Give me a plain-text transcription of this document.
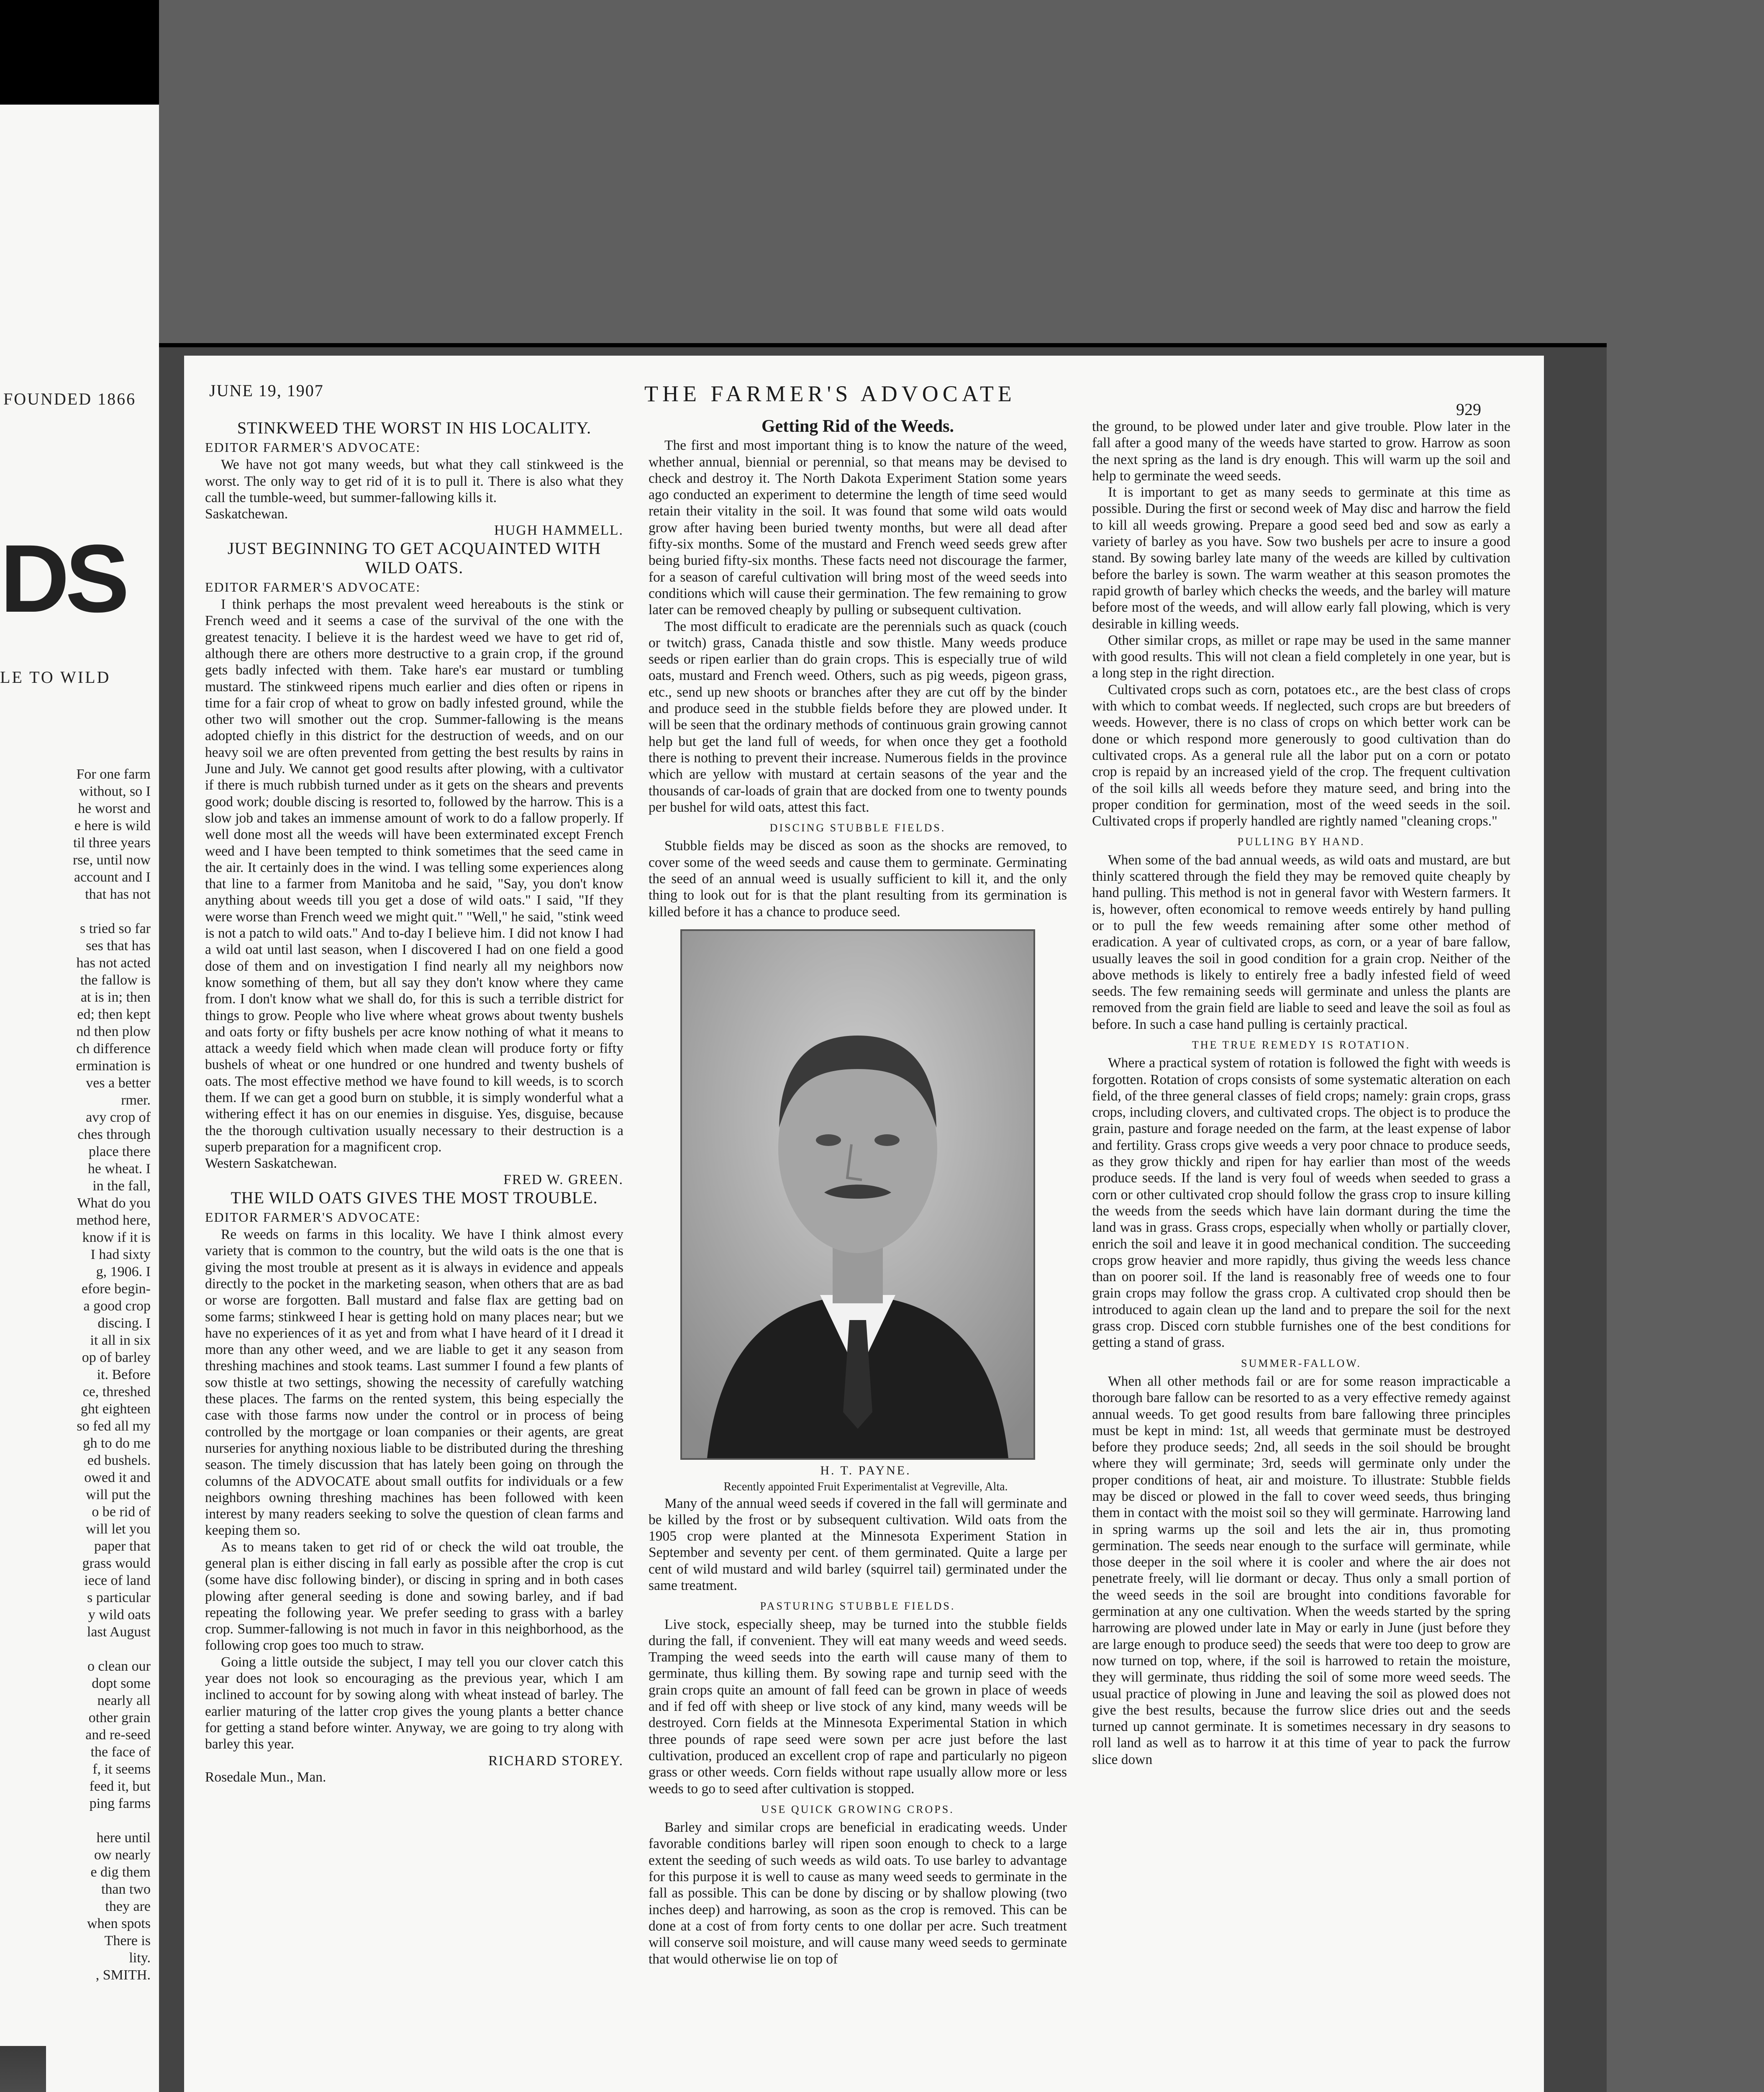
FOUNDED 1866
DS
LE TO WILD
For one farm
without, so I
he worst and
e here is wild
til three years
rse, until now
account and I
that has not

s tried so far
ses that has
has not acted
the fallow is
at is in; then
ed; then kept
nd then plow
ch difference
ermination is
ves a better
rmer.
avy crop of
ches through
place there
he wheat. I
in the fall,
What do you
method here,
know if it is
I had sixty
g, 1906. I
efore begin-
a good crop
discing. I
it all in six
op of barley
it. Before
ce, threshed
ght eighteen
so fed all my
gh to do me
ed bushels.
owed it and
will put the
o be rid of
will let you
paper that
grass would
iece of land
s particular
y wild oats
last August

o clean our
dopt some
nearly all
other grain
and re-seed
the face of
f, it seems
feed it, but
ping farms

here until
ow nearly
e dig them
than two
they are
when spots
There is
lity.
, SMITH.
JUNE 19, 1907	THE FARMER'S ADVOCATE
929
STINKWEED THE WORST IN HIS LOCALITY.

EDITOR FARMER'S ADVOCATE:

We have not got many weeds, but what they call stinkweed is the worst. The only way to get rid of it is to pull it. There is also what they call the tumble-weed, but summer-fallowing kills it.

Saskatchewan.

HUGH HAMMELL.

JUST BEGINNING TO GET ACQUAINTED WITH WILD OATS.

EDITOR FARMER'S ADVOCATE:

I think perhaps the most prevalent weed hereabouts is the stink or French weed and it seems a case of the survival of the one with the greatest tenacity. I believe it is the hardest weed we have to get rid of, although there are others more destructive to a grain crop, if the ground gets badly infected with them. Take hare's ear mustard or tumbling mustard. The stinkweed ripens much earlier and dies often or ripens in time for a fair crop of wheat to grow on badly infested ground, while the other two will smother out the crop. Summer-fallowing is the means adopted chiefly in this district for the destruction of weeds, and on our heavy soil we are often prevented from getting the best results by rains in June and July. We cannot get good results after plowing, with a cultivator if there is much rubbish turned under as it gets on the shears and prevents good work; double discing is resorted to, followed by the harrow. This is a slow job and takes an immense amount of work to do a fallow properly. If well done most all the weeds will have been exterminated except French weed and I have been tempted to think sometimes that the seed came in the air. It certainly does in the wind. I was telling some experiences along that line to a farmer from Manitoba and he said, "Say, you don't know anything about weeds till you get a dose of wild oats." I said, "If they were worse than French weed we might quit." "Well," he said, "stink weed is not a patch to wild oats." And to-day I believe him. I did not know I had a wild oat until last season, when I discovered I had on one field a good dose of them and on investigation I find nearly all my neighbors now know something of them, but all say they don't know where they came from. I don't know what we shall do, for this is such a terrible district for things to grow. People who live where wheat grows about twenty bushels and oats forty or fifty bushels per acre know nothing of what it means to attack a weedy field which when made clean will produce forty or fifty bushels of wheat or one hundred or one hundred and twenty bushels of oats. The most effective method we have found to kill weeds, is to scorch them. If we can get a good burn on stubble, it is simply wonderful what a withering effect it has on our enemies in disguise. Yes, disguise, because the the thorough cultivation usually necessary to their destruction is a superb preparation for a magnificent crop.

Western Saskatchewan.

FRED W. GREEN.

THE WILD OATS GIVES THE MOST TROUBLE.

EDITOR FARMER'S ADVOCATE:

Re weeds on farms in this locality. We have I think almost every variety that is common to the country, but the wild oats is the one that is giving the most trouble at present as it is always in evidence and appeals directly to the pocket in the marketing season, when others that are as bad or worse are forgotten. Ball mustard and false flax are getting bad on some farms; stinkweed I hear is getting hold on many places near; but we have no experiences of it as yet and from what I have heard of it I dread it more than any other weed, and we are liable to get it any season from threshing machines and stook teams. Last summer I found a few plants of sow thistle at two settings, showing the necessity of carefully watching these places. The farms on the rented system, this being especially the case with those farms now under the control or in process of being controlled by the mortgage or loan companies or their agents, are great nurseries for anything noxious liable to be distributed during the threshing season. The timely discussion that has lately been going on through the columns of the ADVOCATE about small outfits for individuals or a few neighbors owning threshing machines has been followed with keen interest by many readers seeking to solve the question of clean farms and keeping them so.

As to means taken to get rid of or check the wild oat trouble, the general plan is either discing in fall early as possible after the crop is cut (some have disc following binder), or discing in spring and in both cases plowing after general seeding is done and sowing barley, and if bad repeating the following year. We prefer seeding to grass with a barley crop. Summer-fallowing is not much in favor in this neighborhood, as the following crop goes too much to straw.

Going a little outside the subject, I may tell you our clover catch this year does not look so encouraging as the previous year, which I am inclined to account for by sowing along with wheat instead of barley. The earlier maturing of the latter crop gives the young plants a better chance for getting a stand before winter. Anyway, we are going to try along with barley this year.

RICHARD STOREY.

Rosedale Mun., Man.

Getting Rid of the Weeds.

The first and most important thing is to know the nature of the weed, whether annual, biennial or perennial, so that means may be devised to check and destroy it. The North Dakota Experiment Station some years ago conducted an experiment to determine the length of time seed would retain their vitality in the soil. It was found that some wild oats would grow after having been buried twenty months, but were all dead after fifty-six months. Some of the mustard and French weed seeds grew after being buried fifty-six months. These facts need not discourage the farmer, for a season of careful cultivation will bring most of the weed seeds into conditions which will cause their germination. The few remaining to grow later can be removed cheaply by pulling or subsequent cultivation.

The most difficult to eradicate are the perennials such as quack (couch or twitch) grass, Canada thistle and sow thistle. Many weeds produce seeds or ripen earlier than do grain crops. This is especially true of wild oats, mustard and French weed. Others, such as pig weeds, pigeon grass, etc., send up new shoots or branches after they are cut off by the binder and produce seed in the stubble fields before they are plowed under. It will be seen that the ordinary methods of continuous grain growing cannot help but get the land full of weeds, for when once they get a foothold there is nothing to prevent their increase. Numerous fields in the province which are yellow with mustard at certain seasons of the year and the thousands of car-loads of grain that are docked from one to twenty pounds per bushel for wild oats, attest this fact.

DISCING STUBBLE FIELDS.

Stubble fields may be disced as soon as the shocks are removed, to cover some of the weed seeds and cause them to germinate. Germinating the seed of an annual weed is usually sufficient to kill it, and the only thing to look out for is that the plant resulting from its germination is killed before it has a chance to produce seed.

H. T. PAYNE.

Recently appointed Fruit Experimentalist at Vegreville, Alta.

Many of the annual weed seeds if covered in the fall will germinate and be killed by the frost or by subsequent cultivation. Wild oats from the 1905 crop were planted at the Minnesota Experiment Station in September and seventy per cent. of them germinated. Quite a large per cent of wild mustard and wild barley (squirrel tail) germinated under the same treatment.

PASTURING STUBBLE FIELDS.

Live stock, especially sheep, may be turned into the stubble fields during the fall, if convenient. They will eat many weeds and weed seeds. Tramping the weed seeds into the earth will cause many of them to germinate, thus killing them. By sowing rape and turnip seed with the grain crops quite an amount of fall feed can be grown in place of weeds and if fed off with sheep or live stock of any kind, many weeds will be destroyed. Corn fields at the Minnesota Experimental Station in which three pounds of rape seed were sown per acre just before the last cultivation, produced an excellent crop of rape and particularly no pigeon grass or other weeds. Corn fields without rape usually allow more or less weeds to go to seed after cultivation is stopped.

USE QUICK GROWING CROPS.

Barley and similar crops are beneficial in eradicating weeds. Under favorable conditions barley will ripen soon enough to check to a large extent the seeding of such weeds as wild oats. To use barley to advantage for this purpose it is well to cause as many weed seeds to germinate in the fall as possible. This can be done by discing or by shallow plowing (two inches deep) and harrowing, as soon as the crop is removed. This can be done at a cost of from forty cents to one dollar per acre. Such treatment will conserve soil moisture, and will cause many weed seeds to germinate that would otherwise lie on top of

the ground, to be plowed under later and give trouble. Plow later in the fall after a good many of the weeds have started to grow. Harrow as soon the next spring as the land is dry enough. This will warm up the soil and help to germinate the weed seeds.

It is important to get as many seeds to germinate at this time as possible. During the first or second week of May disc and harrow the field to kill all weeds growing. Prepare a good seed bed and sow as early a variety of barley as you have. Sow two bushels per acre to insure a good stand. By sowing barley late many of the weeds are killed by cultivation before the barley is sown. The warm weather at this season promotes the rapid growth of barley which checks the weeds, and the barley will mature before most of the weeds, and will allow early fall plowing, which is very desirable in killing weeds.

Other similar crops, as millet or rape may be used in the same manner with good results. This will not clean a field completely in one year, but is a long step in the right direction.

Cultivated crops such as corn, potatoes etc., are the best class of crops with which to combat weeds. If neglected, such crops are but breeders of weeds. However, there is no class of crops on which better work can be done or which respond more generously to good cultivation than do cultivated crops. As a general rule all the labor put on a corn or potato crop is repaid by an increased yield of the crop. The frequent cultivation of the soil kills all weeds before they mature seed, and bring into the proper condition for germination, most of the weed seeds in the soil. Cultivated crops if properly handled are rightly named "cleaning crops."

PULLING BY HAND.

When some of the bad annual weeds, as wild oats and mustard, are but thinly scattered through the field they may be removed quite cheaply by hand pulling. This method is not in general favor with Western farmers. It is, however, often economical to remove weeds entirely by hand pulling or to pull the few weeds remaining after some other method of eradication. A year of cultivated crops, as corn, or a year of bare fallow, usually leaves the soil in good condition for a grain crop. Neither of the above methods is likely to entirely free a badly infested field of weed seeds. The few remaining seeds will germinate and unless the plants are removed from the grain field are liable to seed and leave the soil as foul as before. In such a case hand pulling is certainly practical.

THE TRUE REMEDY IS ROTATION.

Where a practical system of rotation is followed the fight with weeds is forgotten. Rotation of crops consists of some systematic alteration on each field, of the three general classes of field crops; namely: grain crops, grass crops, including clovers, and cultivated crops. The object is to produce the grain, pasture and forage needed on the farm, at the least expense of labor and fertility. Grass crops give weeds a very poor chnace to produce seeds, as they grow thickly and ripen for hay earlier than most of the weeds produce seeds. If the land is very foul of weeds when seeded to grass a corn or other cultivated crop should follow the grass crop to insure killing the weeds from the seeds which have lain dormant during the time the land was in grass. Grass crops, especially when wholly or partially clover, enrich the soil and leave it in good mechanical condition. The succeeding crops grow heavier and more rapidly, thus giving the weeds less chance than on poorer soil. If the land is reasonably free of weeds one to four grain crops may follow the grass crop. A cultivated crop should then be introduced to again clean up the land and to prepare the soil for the next grass crop. Disced corn stubble furnishes one of the best conditions for getting a stand of grass.

SUMMER-FALLOW.

When all other methods fail or are for some reason impracticable a thorough bare fallow can be resorted to as a very effective remedy against annual weeds. To get good results from bare fallowing three principles must be kept in mind: 1st, all weeds that germinate must be destroyed before they produce seeds; 2nd, all seeds in the soil should be brought where they will germinate; 3rd, seeds will germinate only under the proper conditions of heat, air and moisture. To illustrate: Stubble fields may be disced or plowed in the fall to cover weed seeds, thus bringing them in contact with the moist soil so they will germinate. Harrowing land in spring warms up the soil and lets the air in, thus promoting germination. The seeds near enough to the surface will germinate, while those deeper in the soil where it is cooler and where the air does not penetrate freely, will lie dormant or decay. Thus only a small portion of the weed seeds in the soil are brought into conditions favorable for germination at any one cultivation. When the weeds started by the spring harrowing are plowed under late in May or early in June (just before they are large enough to produce seed) the seeds that were too deep to grow are now turned on top, where, if the soil is harrowed to retain the moisture, they will germinate, thus ridding the soil of some more weed seeds. The usual practice of plowing in June and leaving the soil as plowed does not give the best results, because the furrow slice dries out and the seeds turned up cannot germinate. It is sometimes necessary in dry seasons to roll land as well as to harrow it at this time of year to pack the furrow slice down
